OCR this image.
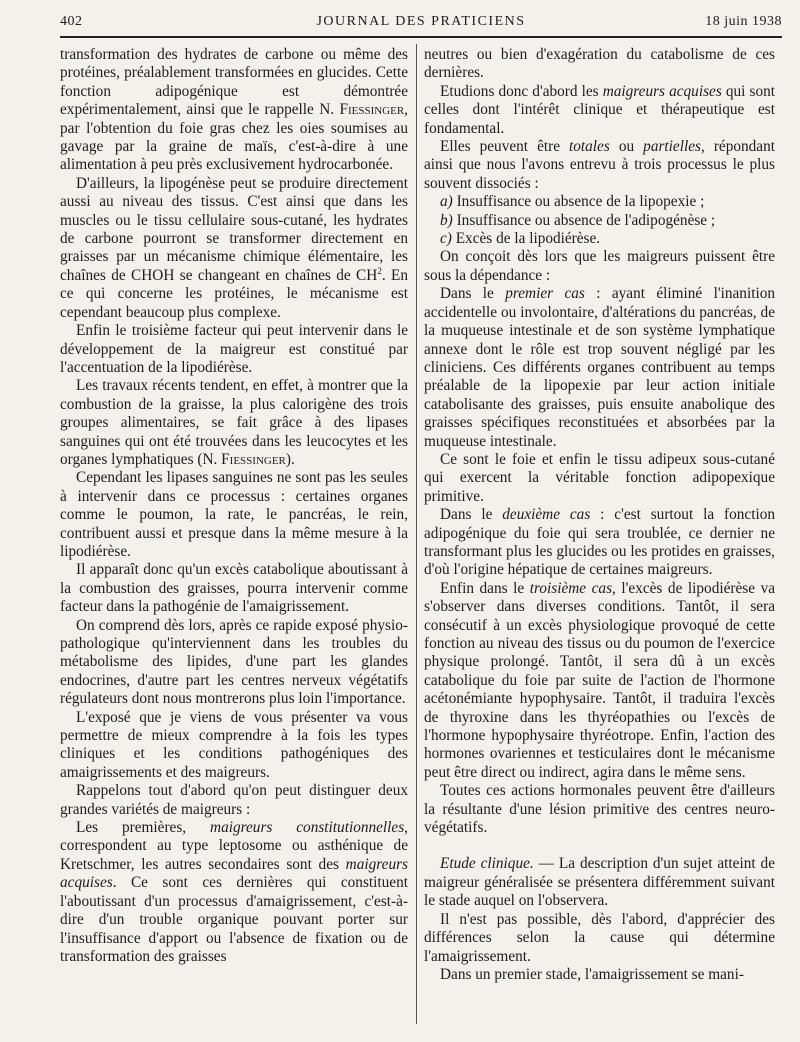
402	JOURNAL DES PRATICIENS	18 juin 1938

transformation des hydrates de carbone ou même des protéines, préalablement transformées en glucides. Cette fonction adipogénique est démontrée expérimentalement, ainsi que le rappelle N. Fiessinger, par l'obtention du foie gras chez les oies soumises au gavage par la graine de maïs, c'est-à-dire à une alimentation à peu près exclusivement hydrocarbonée.

D'ailleurs, la lipogénèse peut se produire directement aussi au niveau des tissus. C'est ainsi que dans les muscles ou le tissu cellulaire sous-cutané, les hydrates de carbone pourront se transformer directement en graisses par un mécanisme chimique élémentaire, les chaînes de CHOH se changeant en chaînes de $CH^2$. En ce qui concerne les protéines, le mécanisme est cependant beaucoup plus complexe.

Enfin le troisième facteur qui peut intervenir dans le développement de la maigreur est constitué par l'accentuation de la lipodiérèse.

Les travaux récents tendent, en effet, à montrer que la combustion de la graisse, la plus calorigène des trois groupes alimentaires, se fait grâce à des lipases sanguines qui ont été trouvées dans les leucocytes et les organes lymphatiques (N. Fiessinger).

Cependant les lipases sanguines ne sont pas les seules à intervenir dans ce processus : certaines organes comme le poumon, la rate, le pancréas, le rein, contribuent aussi et presque dans la même mesure à la lipodiérèse.

Il apparaît donc qu'un excès catabolique aboutissant à la combustion des graisses, pourra intervenir comme facteur dans la pathogénie de l'amaigrissement.

On comprend dès lors, après ce rapide exposé physio-pathologique qu'interviennent dans les troubles du métabolisme des lipides, d'une part les glandes endocrines, d'autre part les centres nerveux végétatifs régulateurs dont nous montrerons plus loin l'importance.

L'exposé que je viens de vous présenter va vous permettre de mieux comprendre à la fois les types cliniques et les conditions pathogéniques des amaigrissements et des maigreurs.

Rappelons tout d'abord qu'on peut distinguer deux grandes variétés de maigreurs :

Les premières, maigreurs constitutionnelles, correspondent au type leptosome ou asthénique de Kretschmer, les autres secondaires sont des maigreurs acquises. Ce sont ces dernières qui constituent l'aboutissant d'un processus d'amaigrissement, c'est-à-dire d'un trouble organique pouvant porter sur l'insuffisance d'apport ou l'absence de fixation ou de transformation des graisses

neutres ou bien d'exagération du catabolisme de ces dernières.

Etudions donc d'abord les maigreurs acquises qui sont celles dont l'intérêt clinique et thérapeutique est fondamental.

Elles peuvent être totales ou partielles, répondant ainsi que nous l'avons entrevu à trois processus le plus souvent dissociés :

a) Insuffisance ou absence de la lipopexie ;

b) Insuffisance ou absence de l'adipogénèse ;

c) Excès de la lipodiérèse.

On conçoit dès lors que les maigreurs puissent être sous la dépendance :

Dans le premier cas : ayant éliminé l'inanition accidentelle ou involontaire, d'altérations du pancréas, de la muqueuse intestinale et de son système lymphatique annexe dont le rôle est trop souvent négligé par les cliniciens. Ces différents organes contribuent au temps préalable de la lipopexie par leur action initiale catabolisante des graisses, puis ensuite anabolique des graisses spécifiques reconstituées et absorbées par la muqueuse intestinale.

Ce sont le foie et enfin le tissu adipeux sous-cutané qui exercent la véritable fonction adipopexique primitive.

Dans le deuxième cas : c'est surtout la fonction adipogénique du foie qui sera troublée, ce dernier ne transformant plus les glucides ou les protides en graisses, d'où l'origine hépatique de certaines maigreurs.

Enfin dans le troisième cas, l'excès de lipodiérèse va s'observer dans diverses conditions. Tantôt, il sera consécutif à un excès physiologique provoqué de cette fonction au niveau des tissus ou du poumon de l'exercice physique prolongé. Tantôt, il sera dû à un excès catabolique du foie par suite de l'action de l'hormone acétonémiante hypophysaire. Tantôt, il traduira l'excès de thyroxine dans les thyréopathies ou l'excès de l'hormone hypophysaire thyréotrope. Enfin, l'action des hormones ovariennes et testiculaires dont le mécanisme peut être direct ou indirect, agira dans le même sens.

Toutes ces actions hormonales peuvent être d'ailleurs la résultante d'une lésion primitive des centres neuro-végétatifs.

Etude clinique. — La description d'un sujet atteint de maigreur généralisée se présentera différemment suivant le stade auquel on l'observera.

Il n'est pas possible, dès l'abord, d'apprécier des différences selon la cause qui détermine l'amaigrissement.

Dans un premier stade, l'amaigrissement se mani-
